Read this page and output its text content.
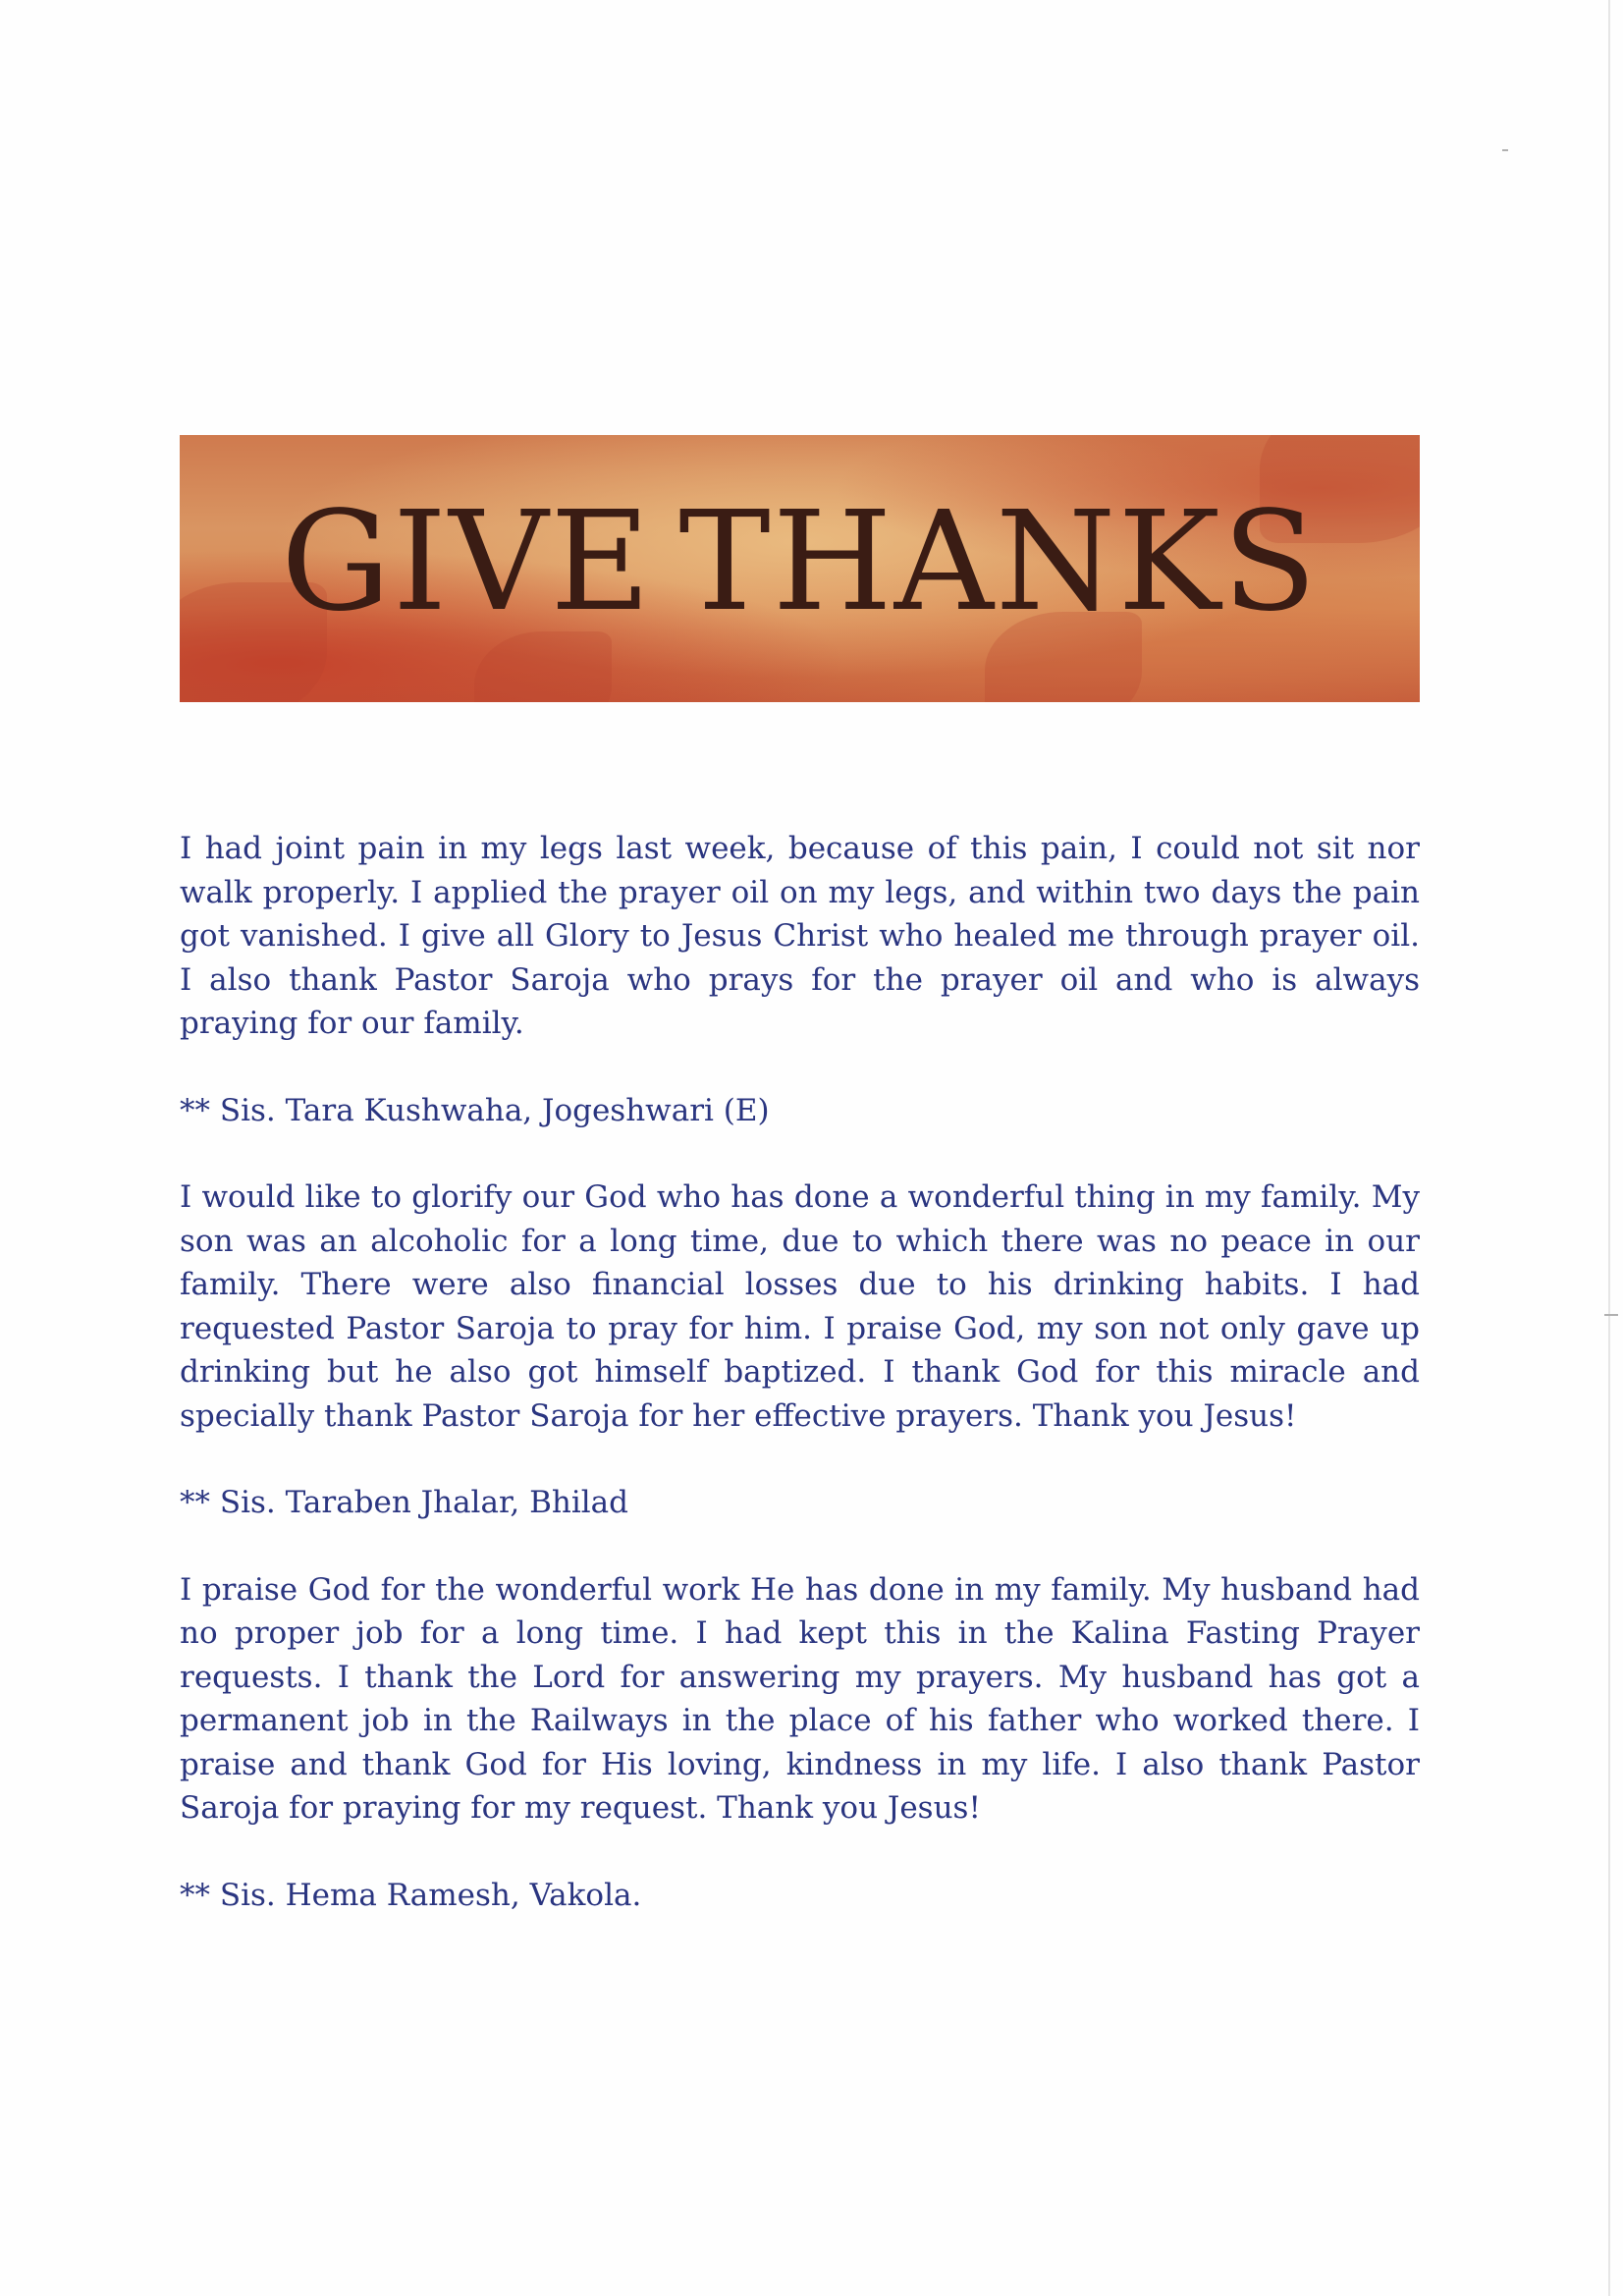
GIVE THANKS

I had joint pain in my legs last week, because of this pain, I could not sit nor walk properly. I applied the prayer oil on my legs, and within two days the pain got vanished. I give all Glory to Jesus Christ who healed me through prayer oil. I also thank Pastor Saroja who prays for the prayer oil and who is always praying for our family.

** Sis. Tara Kushwaha, Jogeshwari (E)

I would like to glorify our God who has done a wonderful thing in my family. My son was an alcoholic for a long time, due to which there was no peace in our family. There were also financial losses due to his drinking habits. I had requested Pastor Saroja to pray for him. I praise God, my son not only gave up drinking but he also got himself baptized. I thank God for this miracle and specially thank Pastor Saroja for her effective prayers. Thank you Jesus!

** Sis. Taraben Jhalar, Bhilad

I praise God for the wonderful work He has done in my family. My husband had no proper job for a long time. I had kept this in the Kalina Fasting Prayer requests. I thank the Lord for answering my prayers. My husband has got a permanent job in the Railways in the place of his father who worked there. I praise and thank God for His loving, kindness in my life. I also thank Pastor Saroja for praying for my request. Thank you Jesus!

** Sis. Hema Ramesh, Vakola.
